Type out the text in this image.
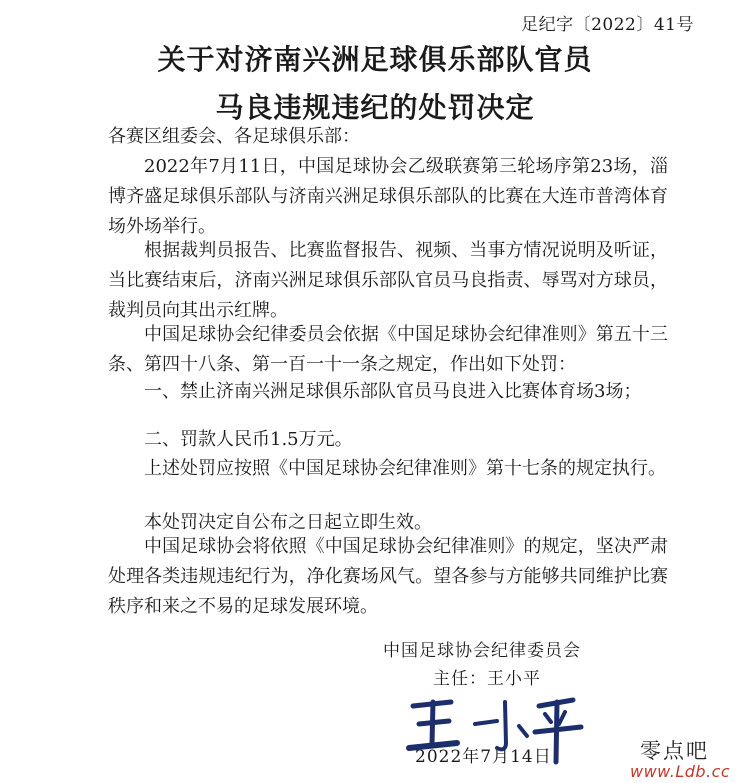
足纪字〔2022〕41号
关于对济南兴洲足球俱乐部队官员
马良违规违纪的处罚决定
各赛区组委会、各足球俱乐部：
2022年7月11日，中国足球协会乙级联赛第三轮场序第23场，淄博齐盛足球俱乐部队与济南兴洲足球俱乐部队的比赛在大连市普湾体育场外场举行。
根据裁判员报告、比赛监督报告、视频、当事方情况说明及听证，当比赛结束后，济南兴洲足球俱乐部队官员马良指责、辱骂对方球员，裁判员向其出示红牌。
中国足球协会纪律委员会依据《中国足球协会纪律准则》第五十三条、第四十八条、第一百一十一条之规定，作出如下处罚：
一、禁止济南兴洲足球俱乐部队官员马良进入比赛体育场3场；
二、罚款人民币1.5万元。
上述处罚应按照《中国足球协会纪律准则》第十七条的规定执行。
本处罚决定自公布之日起立即生效。
中国足球协会将依照《中国足球协会纪律准则》的规定，坚决严肃处理各类违规违纪行为，净化赛场风气。望各参与方能够共同维护比赛秩序和来之不易的足球发展环境。
中国足球协会纪律委员会
主任：王小平
2022年7月14日	零点吧
www.Ldb.cc
